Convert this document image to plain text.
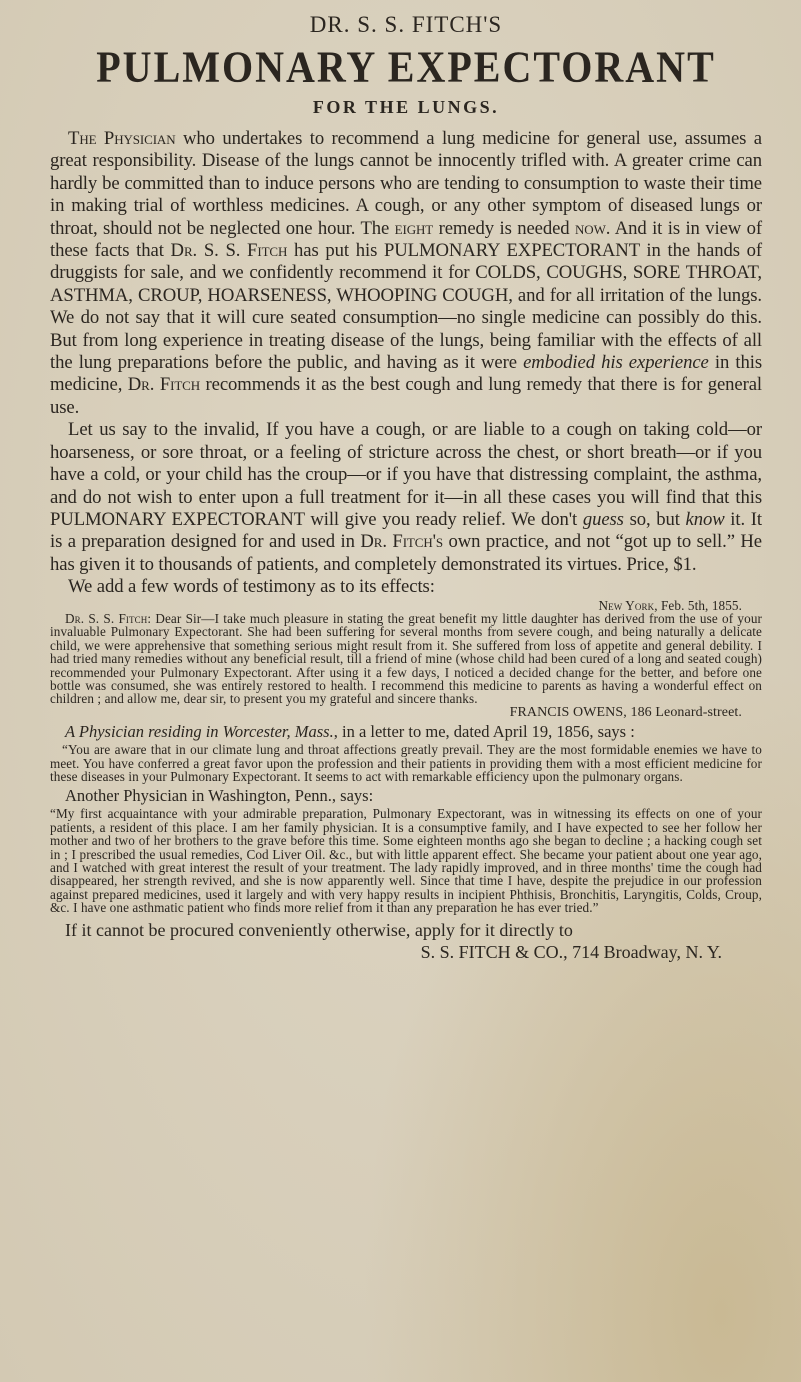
DR. S. S. FITCH'S
PULMONARY EXPECTORANT
FOR THE LUNGS.

The Physician who undertakes to recommend a lung medicine for general use, assumes a great responsibility. Disease of the lungs cannot be innocently trifled with. A greater crime can hardly be committed than to induce persons who are tending to consumption to waste their time in making trial of worthless medicines. A cough, or any other symptom of diseased lungs or throat, should not be neglected one hour. The eight remedy is needed now. And it is in view of these facts that Dr. S. S. Fitch has put his PULMONARY EXPECTORANT in the hands of druggists for sale, and we confidently recommend it for COLDS, COUGHS, SORE THROAT, ASTHMA, CROUP, HOARSENESS, WHOOPING COUGH, and for all irritation of the lungs. We do not say that it will cure seated consumption—no single medicine can possibly do this. But from long experience in treating disease of the lungs, being familiar with the effects of all the lung preparations before the public, and having as it were embodied his experience in this medicine, Dr. Fitch recommends it as the best cough and lung remedy that there is for general use.

Let us say to the invalid, If you have a cough, or are liable to a cough on taking cold—or hoarseness, or sore throat, or a feeling of stricture across the chest, or short breath—or if you have a cold, or your child has the croup—or if you have that distressing complaint, the asthma, and do not wish to enter upon a full treatment for it—in all these cases you will find that this PULMONARY EXPECTORANT will give you ready relief. We don't guess so, but know it. It is a preparation designed for and used in Dr. Fitch's own practice, and not “got up to sell.” He has given it to thousands of patients, and completely demonstrated its virtues. Price, $1.

We add a few words of testimony as to its effects:

New York, Feb. 5th, 1855.

Dr. S. S. Fitch: Dear Sir—I take much pleasure in stating the great benefit my little daughter has derived from the use of your invaluable Pulmonary Expectorant. She had been suffering for several months from severe cough, and being naturally a delicate child, we were apprehensive that something serious might result from it. She suffered from loss of appetite and general debility. I had tried many remedies without any beneficial result, till a friend of mine (whose child had been cured of a long and seated cough) recommended your Pulmonary Expectorant. After using it a few days, I noticed a decided change for the better, and before one bottle was consumed, she was entirely restored to health. I recommend this medicine to parents as having a wonderful effect on children ; and allow me, dear sir, to present you my grateful and sincere thanks.

FRANCIS OWENS, 186 Leonard-street.

A Physician residing in Worcester, Mass., in a letter to me, dated April 19, 1856, says :

“You are aware that in our climate lung and throat affections greatly prevail. They are the most formidable enemies we have to meet. You have conferred a great favor upon the profession and their patients in providing them with a most efficient medicine for these diseases in your Pulmonary Expectorant. It seems to act with remarkable efficiency upon the pulmonary organs.

Another Physician in Washington, Penn., says:

“My first acquaintance with your admirable preparation, Pulmonary Expectorant, was in witnessing its effects on one of your patients, a resident of this place. I am her family physician. It is a consumptive family, and I have expected to see her follow her mother and two of her brothers to the grave before this time. Some eighteen months ago she began to decline ; a hacking cough set in ; I prescribed the usual remedies, Cod Liver Oil. &c., but with little apparent effect. She became your patient about one year ago, and I watched with great interest the result of your treatment. The lady rapidly improved, and in three months' time the cough had disappeared, her strength revived, and she is now apparently well. Since that time I have, despite the prejudice in our profession against prepared medicines, used it largely and with very happy results in incipient Phthisis, Bronchitis, Laryngitis, Colds, Croup, &c. I have one asthmatic patient who finds more relief from it than any preparation he has ever tried.”

If it cannot be procured conveniently otherwise, apply for it directly to

S. S. FITCH & CO., 714 Broadway, N. Y.
